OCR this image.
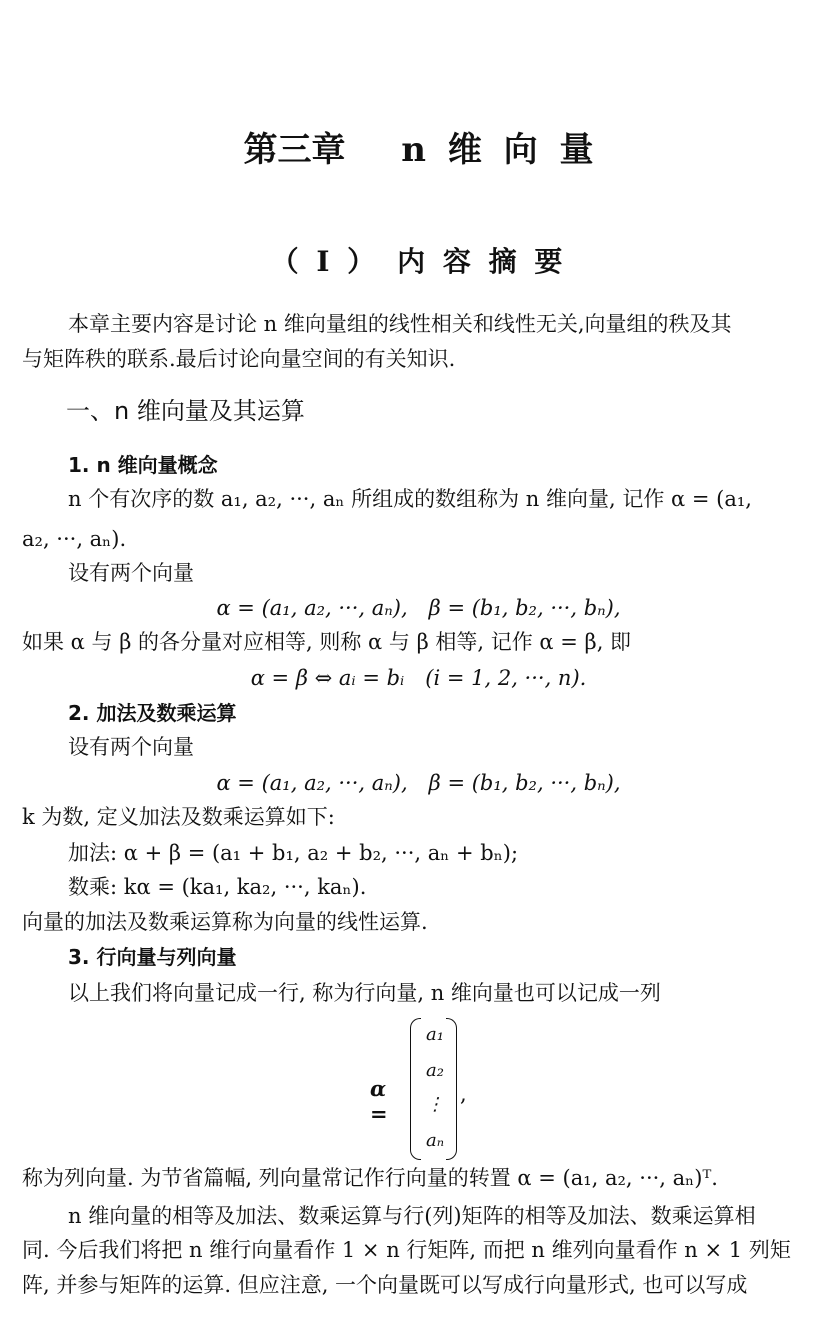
第三章　 n 维 向 量
（ I ）　内 容 摘 要
本章主要内容是讨论 n 维向量组的线性相关和线性无关,向量组的秩及其
与矩阵秩的联系.最后讨论向量空间的有关知识.
一、n 维向量及其运算
1. n 维向量概念
n 个有次序的数 a₁, a₂, ···, aₙ 所组成的数组称为 n 维向量, 记作 α = (a₁,
a₂, ···, aₙ).
设有两个向量
α = (a₁, a₂, ···, aₙ),　β = (b₁, b₂, ···, bₙ),
如果 α 与 β 的各分量对应相等, 则称 α 与 β 相等, 记作 α = β, 即
α = β ⇔ aᵢ = bᵢ　(i = 1, 2, ···, n).
2. 加法及数乘运算
设有两个向量
α = (a₁, a₂, ···, aₙ),　β = (b₁, b₂, ···, bₙ),
k 为数, 定义加法及数乘运算如下:
加法: α + β = (a₁ + b₁, a₂ + b₂, ···, aₙ + bₙ);
数乘: kα = (ka₁, ka₂, ···, kaₙ).
向量的加法及数乘运算称为向量的线性运算.
3. 行向量与列向量
以上我们将向量记成一行, 称为行向量, n 维向量也可以记成一列
α =
a₁
a₂
⋮
aₙ
,
称为列向量. 为节省篇幅, 列向量常记作行向量的转置 α = (a₁, a₂, ···, aₙ)ᵀ.
n 维向量的相等及加法、数乘运算与行(列)矩阵的相等及加法、数乘运算相
同. 今后我们将把 n 维行向量看作 1 × n 行矩阵, 而把 n 维列向量看作 n × 1 列矩
阵, 并参与矩阵的运算. 但应注意, 一个向量既可以写成行向量形式, 也可以写成
